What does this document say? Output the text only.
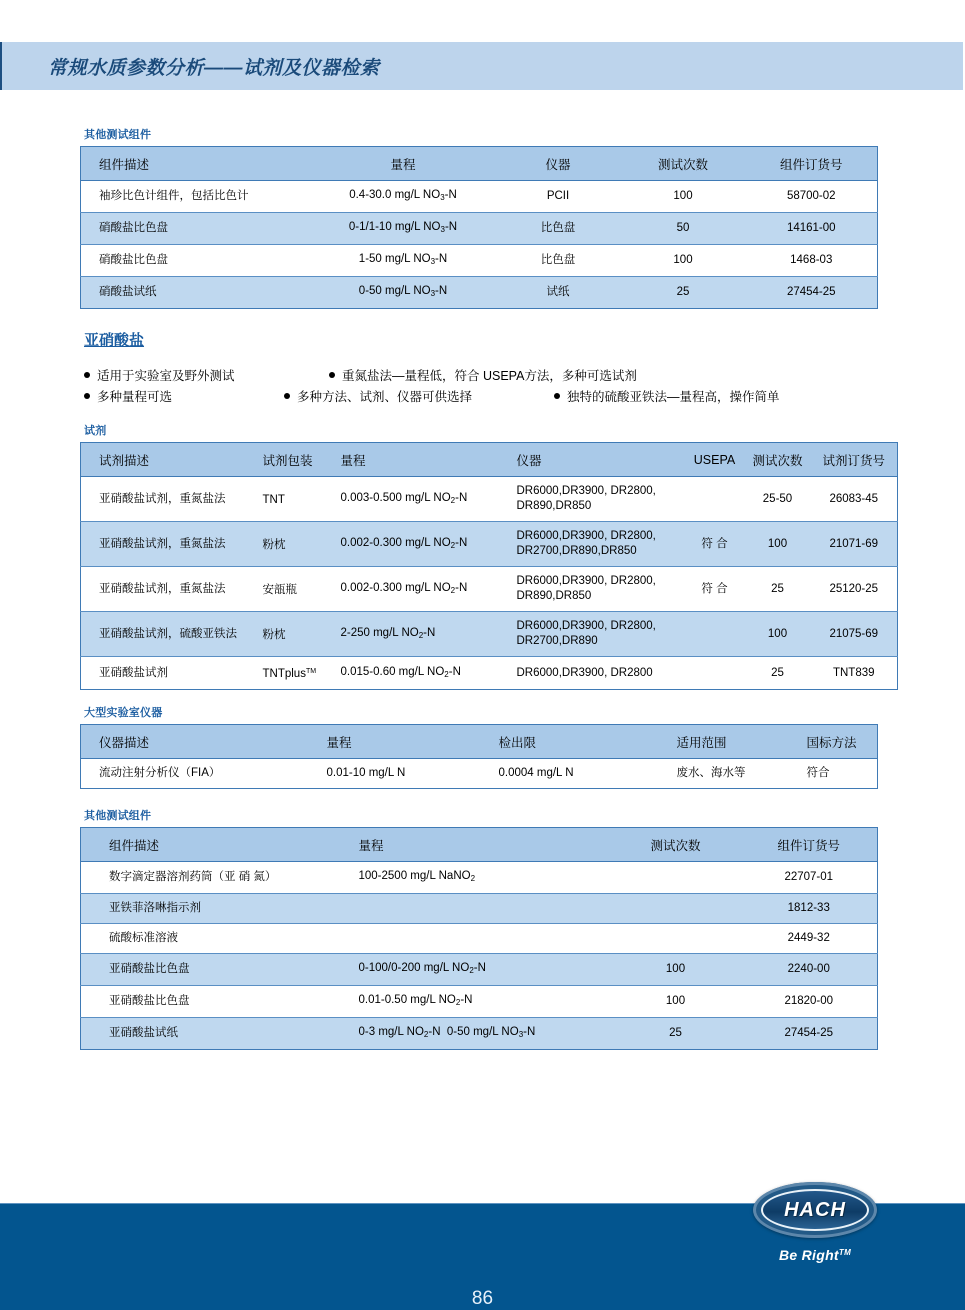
常规水质参数分析——试剂及仪器检索
其他测试组件
组件描述	量程	仪器	测试次数	组件订货号
袖珍比色计组件，包括比色计	0.4-30.0 mg/L $NO_3-N$	PCII	100	58700-02
硝酸盐比色盘	0-1/1-10 mg/L $NO_3-N$	比色盘	50	14161-00
硝酸盐比色盘	1-50 mg/L $NO_3-N$	比色盘	100	1468-03
硝酸盐试纸	0-50 mg/L $NO_3-N$	试纸	25	27454-25
亚硝酸盐
适用于实验室及野外测试	重氮盐法—量程低，符合 USEPA方法，多种可选试剂
多种量程可选	多种方法、试剂、仪器可供选择	独特的硫酸亚铁法—量程高，操作简单
试剂
试剂描述	试剂包装	量程	仪器	USEPA	测试次数	试剂订货号
亚硝酸盐试剂，重氮盐法	TNT	0.003-0.500 mg/L $NO_2-N$	DR6000,DR3900, DR2800,
DR890,DR850		25-50	26083-45
亚硝酸盐试剂，重氮盐法	粉枕	0.002-0.300 mg/L $NO_2-N$	DR6000,DR3900, DR2800,
DR2700,DR890,DR850	符 合	100	21071-69
亚硝酸盐试剂，重氮盐法	安瓿瓶	0.002-0.300 mg/L $NO_2-N$	DR6000,DR3900, DR2800,
DR890,DR850	符 合	25	25120-25
亚硝酸盐试剂，硫酸亚铁法	粉枕	2-250 mg/L $NO_2-N$	DR6000,DR3900, DR2800,
DR2700,DR890		100	21075-69
亚硝酸盐试剂	TNTplus™	0.015-0.60 mg/L $NO_2-N$	DR6000,DR3900, DR2800		25	TNT839
大型实验室仪器
仪器描述	量程	检出限	适用范围	国标方法
流动注射分析仪（FIA）	0.01-10 mg/L N	0.0004 mg/L N	废水、海水等	符合
其他测试组件
组件描述	量程	测试次数	组件订货号
数字滴定器溶剂药筒（亚 硝 氮）	100-2500 mg/L NaNO$_2$		22707-01
亚铁菲洛啉指示剂			1812-33
硫酸标准溶液			2449-32
亚硝酸盐比色盘	0-100/0-200 mg/L $NO_2-N$	100	2240-00
亚硝酸盐比色盘	0.01-0.50 mg/L $NO_2-N$	100	21820-00
亚硝酸盐试纸	0-3 mg/L $NO_2-N$ 0-50 mg/L $NO_3-N$	25	27454-25
86
HACH
®
Be Right™
